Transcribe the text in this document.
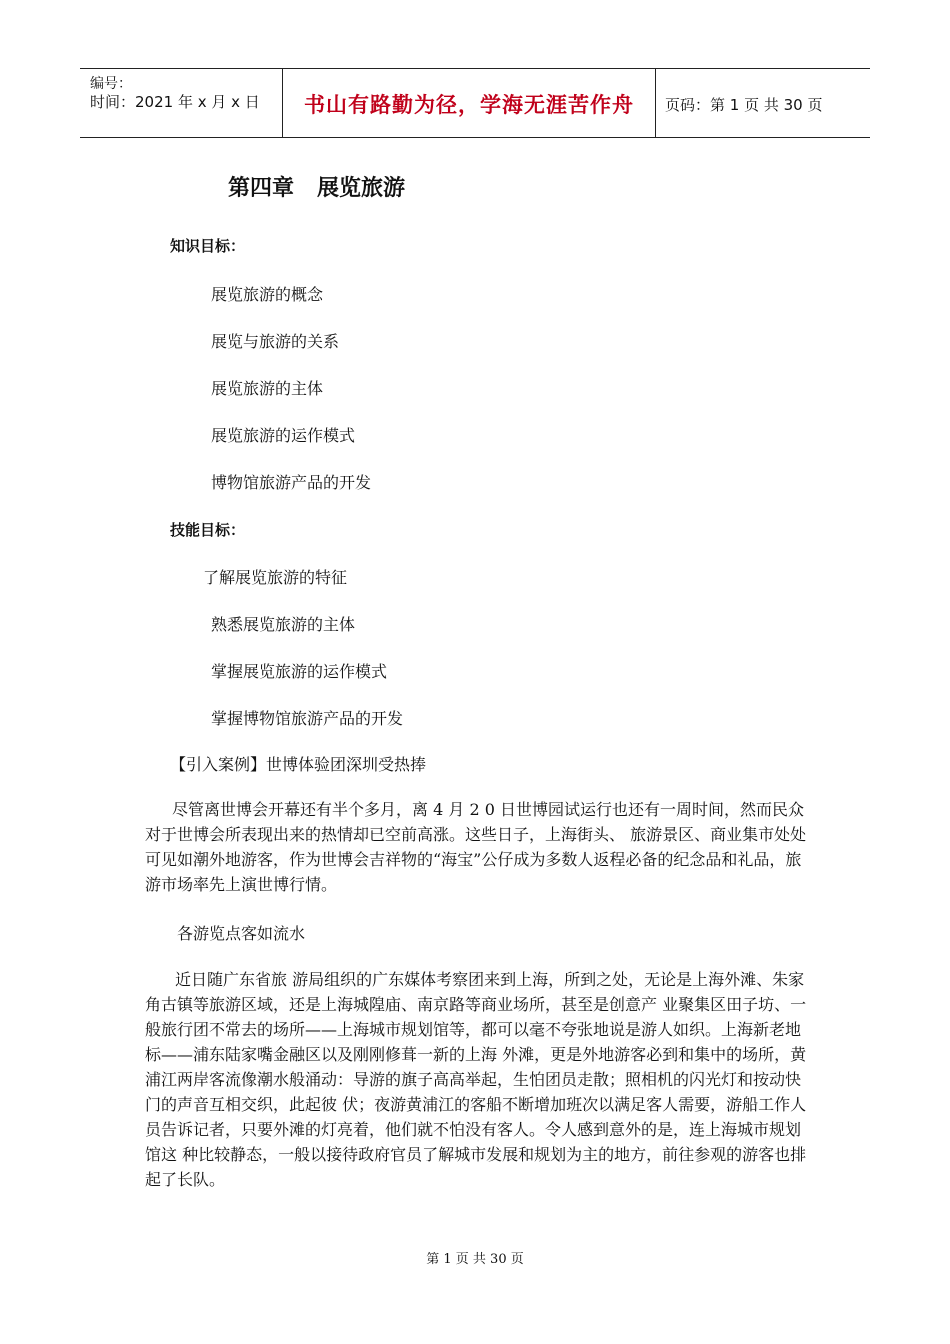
编号：
时间：2021 年 x 月 x 日	书山有路勤为径，学海无涯苦作舟	页码：第 1 页 共 30 页
第四章   展览旅游
知识目标：
展览旅游的概念
展览与旅游的关系
展览旅游的主体
展览旅游的运作模式
博物馆旅游产品的开发
技能目标：
了解展览旅游的特征
熟悉展览旅游的主体
掌握展览旅游的运作模式
掌握博物馆旅游产品的开发
【引入案例】世博体验团深圳受热捧
尽管离世博会开幕还有半个多月，离 4 月 2 0 日世博园试运行也还有一周时间，然而民众对于世博会所表现出来的热情却已空前高涨。这些日子，上海街头、 旅游景区、商业集市处处可见如潮外地游客，作为世博会吉祥物的“海宝”公仔成为多数人返程必备的纪念品和礼品，旅游市场率先上演世博行情。
各游览点客如流水
近日随广东省旅 游局组织的广东媒体考察团来到上海，所到之处，无论是上海外滩、朱家角古镇等旅游区域，还是上海城隍庙、南京路等商业场所，甚至是创意产 业聚集区田子坊、一般旅行团不常去的场所——上海城市规划馆等，都可以毫不夸张地说是游人如织。上海新老地标——浦东陆家嘴金融区以及刚刚修葺一新的上海 外滩，更是外地游客必到和集中的场所，黄浦江两岸客流像潮水般涌动：导游的旗子高高举起，生怕团员走散；照相机的闪光灯和按动快门的声音互相交织，此起彼 伏；夜游黄浦江的客船不断增加班次以满足客人需要，游船工作人员告诉记者，只要外滩的灯亮着，他们就不怕没有客人。令人感到意外的是，连上海城市规划馆这 种比较静态，一般以接待政府官员了解城市发展和规划为主的地方，前往参观的游客也排起了长队。
第 1 页 共 30 页
